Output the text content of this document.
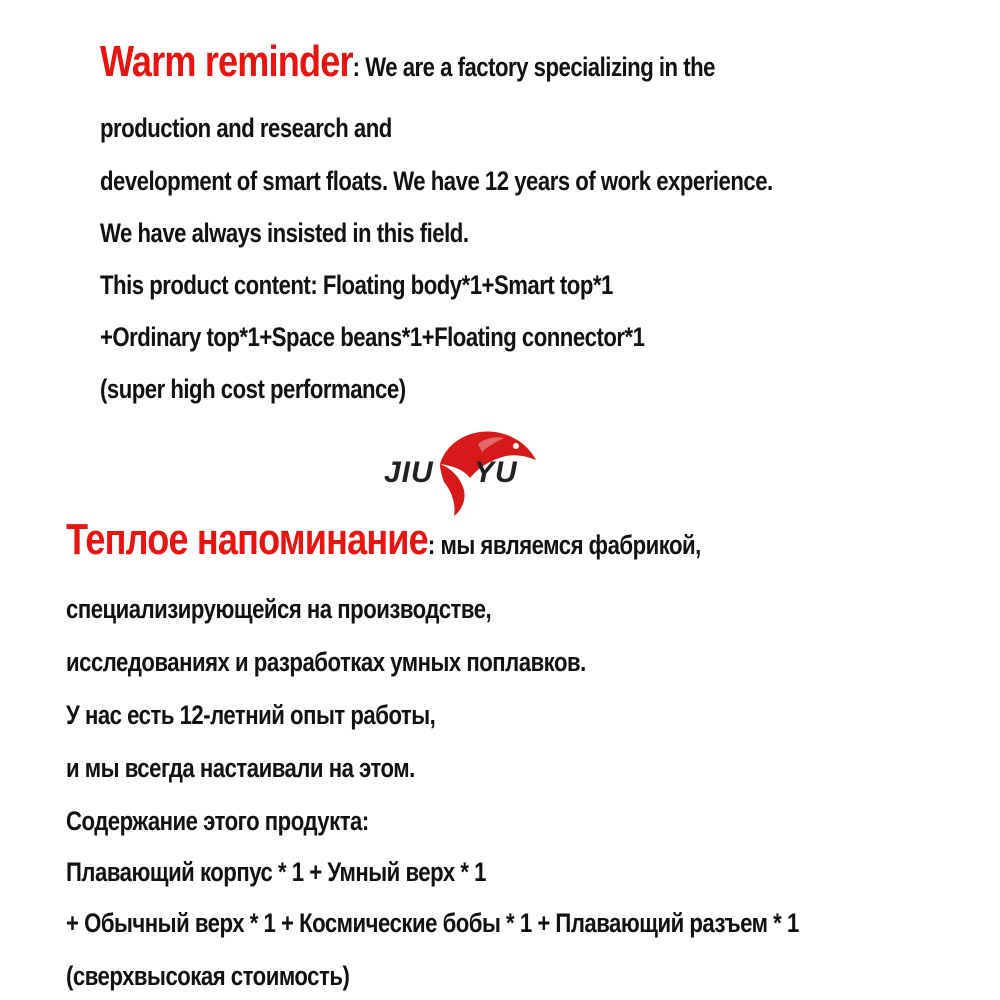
Warm reminder: We are a factory specializing in the
production and research and
development of smart floats. We have 12 years of work experience.
We have always insisted in this field.
This product content: Floating body*1+Smart top*1
+Ordinary top*1+Space beans*1+Floating connector*1
(super high cost performance)
JIU YU
Теплое напоминание: мы являемся фабрикой,
специализирующейся на производстве,
исследованиях и разработках умных поплавков.
У нас есть 12-летний опыт работы,
и мы всегда настаивали на этом.
Содержание этого продукта:
Плавающий корпус * 1 + Умный верх * 1
+ Обычный верх * 1 + Космические бобы * 1 + Плавающий разъем * 1
(сверхвысокая стоимость)
